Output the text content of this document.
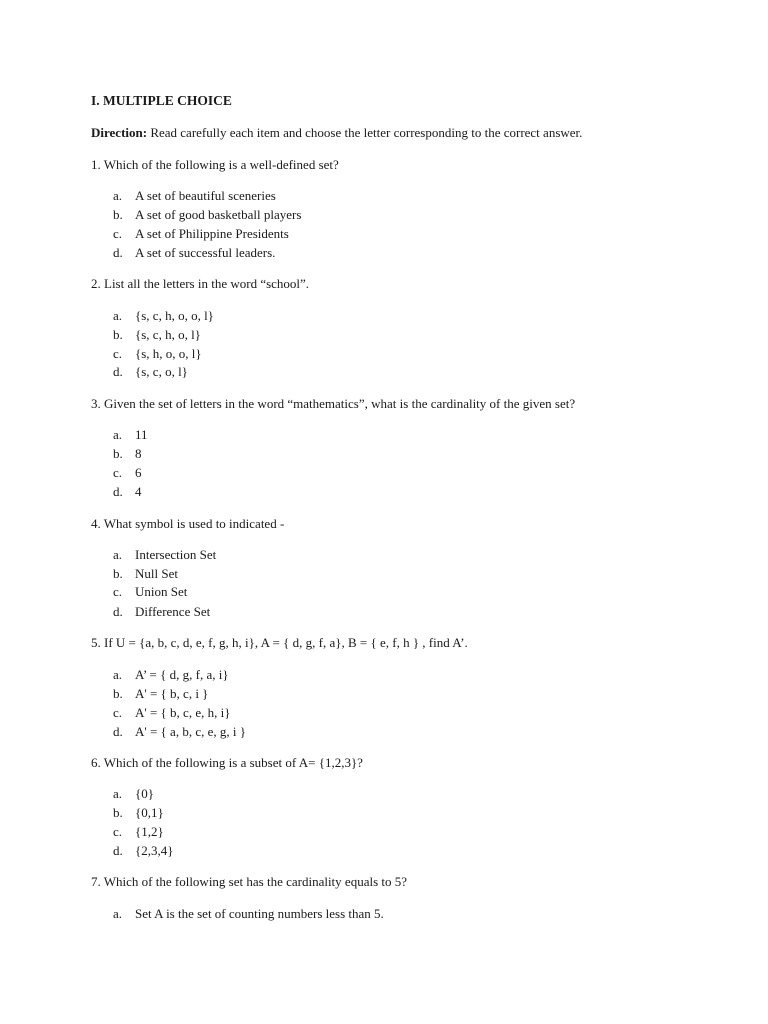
I. MULTIPLE CHOICE
Direction: Read carefully each item and choose the letter corresponding to the correct answer.
1. Which of the following is a well-defined set?
a. A set of beautiful sceneries
b. A set of good basketball players
c. A set of Philippine Presidents
d. A set of successful leaders.
2. List all the letters in the word “school”.
a. {s, c, h, o, o, l}
b. {s, c, h, o, l}
c. {s, h, o, o, l}
d. {s, c, o, l}
3. Given the set of letters in the word “mathematics”, what is the cardinality of the given set?
a. 11
b. 8
c. 6
d. 4
4. What symbol is used to indicated -
a. Intersection Set
b. Null Set
c. Union Set
d. Difference Set
5. If U = {a, b, c, d, e, f, g, h, i}, A = { d, g, f, a}, B = { e, f, h } , find A’.
a. A’ = { d, g, f, a, i}
b. A' = { b, c, i }
c. A' = { b, c, e, h, i}
d. A' = { a, b, c, e, g, i }
6. Which of the following is a subset of A= {1,2,3}?
a. {0}
b. {0,1}
c. {1,2}
d. {2,3,4}
7. Which of the following set has the cardinality equals to 5?
a. Set A is the set of counting numbers less than 5.
